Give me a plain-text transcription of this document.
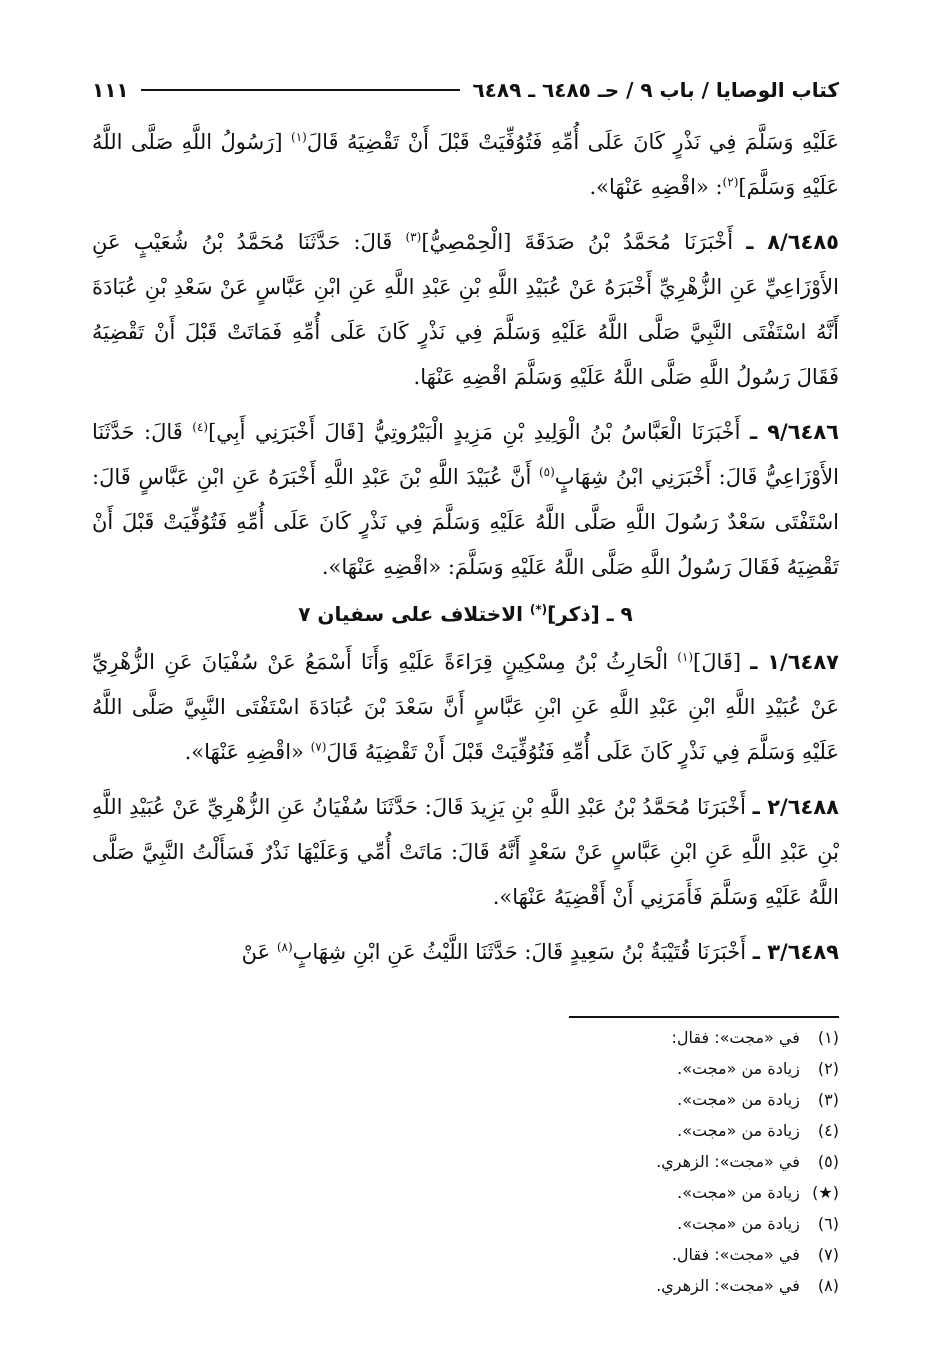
كتاب الوصايا / باب ٩ / حـ ٦٤٨٥ ـ ٦٤٨٩
١١١

عَلَيْهِ وَسَلَّمَ فِي نَذْرٍ كَانَ عَلَى أُمِّهِ فَتُوُفِّيَتْ قَبْلَ أَنْ تَقْضِيَهُ قَالَ$^{(١)}$ [رَسُولُ اللَّهِ صَلَّى اللَّهُ عَلَيْهِ وَسَلَّمَ]$^{(٢)}$: «اقْضِهِ عَنْهَا».

٨/٦٤٨٥ ـ أَخْبَرَنَا مُحَمَّدُ بْنُ صَدَقَةَ [الْحِمْصِيُّ]$^{(٣)}$ قَالَ: حَدَّثَنَا مُحَمَّدُ بْنُ شُعَيْبٍ عَنِ الأَوْزَاعِيِّ عَنِ الزُّهْرِيِّ أَخْبَرَهُ عَنْ عُبَيْدِ اللَّهِ بْنِ عَبْدِ اللَّهِ عَنِ ابْنِ عَبَّاسٍ عَنْ سَعْدِ بْنِ عُبَادَةَ أَنَّهُ اسْتَفْتَى النَّبِيَّ صَلَّى اللَّهُ عَلَيْهِ وَسَلَّمَ فِي نَذْرٍ كَانَ عَلَى أُمِّهِ فَمَاتَتْ قَبْلَ أَنْ تَقْضِيَهُ فَقَالَ رَسُولُ اللَّهِ صَلَّى اللَّهُ عَلَيْهِ وَسَلَّمَ اقْضِهِ عَنْهَا.

٩/٦٤٨٦ ـ أَخْبَرَنَا الْعَبَّاسُ بْنُ الْوَلِيدِ بْنِ مَزِيدٍ الْبَيْرُوتِيُّ [قَالَ أَخْبَرَنِي أَبِي]$^{(٤)}$ قَالَ: حَدَّثَنَا الأَوْزَاعِيُّ قَالَ: أَخْبَرَنِي ابْنُ شِهَابٍ$^{(٥)}$ أَنَّ عُبَيْدَ اللَّهِ بْنَ عَبْدِ اللَّهِ أَخْبَرَهُ عَنِ ابْنِ عَبَّاسٍ قَالَ: اسْتَفْتَى سَعْدٌ رَسُولَ اللَّهِ صَلَّى اللَّهُ عَلَيْهِ وَسَلَّمَ فِي نَذْرٍ كَانَ عَلَى أُمِّهِ فَتُوُفِّيَتْ قَبْلَ أَنْ تَقْضِيَهُ فَقَالَ رَسُولُ اللَّهِ صَلَّى اللَّهُ عَلَيْهِ وَسَلَّمَ: «اقْضِهِ عَنْهَا».

٩ ـ [ذكر](*) الاختلاف على سفيان ٧

١/٦٤٨٧ ـ [قَالَ]$^{(١)}$ الْحَارِثُ بْنُ مِسْكِينٍ قِرَاءَةً عَلَيْهِ وَأَنَا أَسْمَعُ عَنْ سُفْيَانَ عَنِ الزُّهْرِيِّ عَنْ عُبَيْدِ اللَّهِ ابْنِ عَبْدِ اللَّهِ عَنِ ابْنِ عَبَّاسٍ أَنَّ سَعْدَ بْنَ عُبَادَةَ اسْتَفْتَى النَّبِيَّ صَلَّى اللَّهُ عَلَيْهِ وَسَلَّمَ فِي نَذْرٍ كَانَ عَلَى أُمِّهِ فَتُوُفِّيَتْ قَبْلَ أَنْ تَقْضِيَهُ قَالَ$^{(٧)}$ «اقْضِهِ عَنْهَا».

٢/٦٤٨٨ ـ أَخْبَرَنَا مُحَمَّدُ بْنُ عَبْدِ اللَّهِ بْنِ يَزِيدَ قَالَ: حَدَّثَنَا سُفْيَانُ عَنِ الزُّهْرِيِّ عَنْ عُبَيْدِ اللَّهِ بْنِ عَبْدِ اللَّهِ عَنِ ابْنِ عَبَّاسٍ عَنْ سَعْدٍ أَنَّهُ قَالَ: مَاتَتْ أُمِّي وَعَلَيْهَا نَذْرٌ فَسَأَلْتُ النَّبِيَّ صَلَّى اللَّهُ عَلَيْهِ وَسَلَّمَ فَأَمَرَنِي أَنْ أَقْضِيَهُ عَنْهَا».

٣/٦٤٨٩ ـ أَخْبَرَنَا قُتَيْبَةُ بْنُ سَعِيدٍ قَالَ: حَدَّثَنَا اللَّيْثُ عَنِ ابْنِ شِهَابٍ$^{(٨)}$ عَنْ

(١) في «مجت»: فقال:
(٢) زيادة من «مجت».
(٣) زيادة من «مجت».
(٤) زيادة من «مجت».
(٥) في «مجت»: الزهري.
(★) زيادة من «مجت».
(٦) زيادة من «مجت».
(٧) في «مجت»: فقال.
(٨) في «مجت»: الزهري.
